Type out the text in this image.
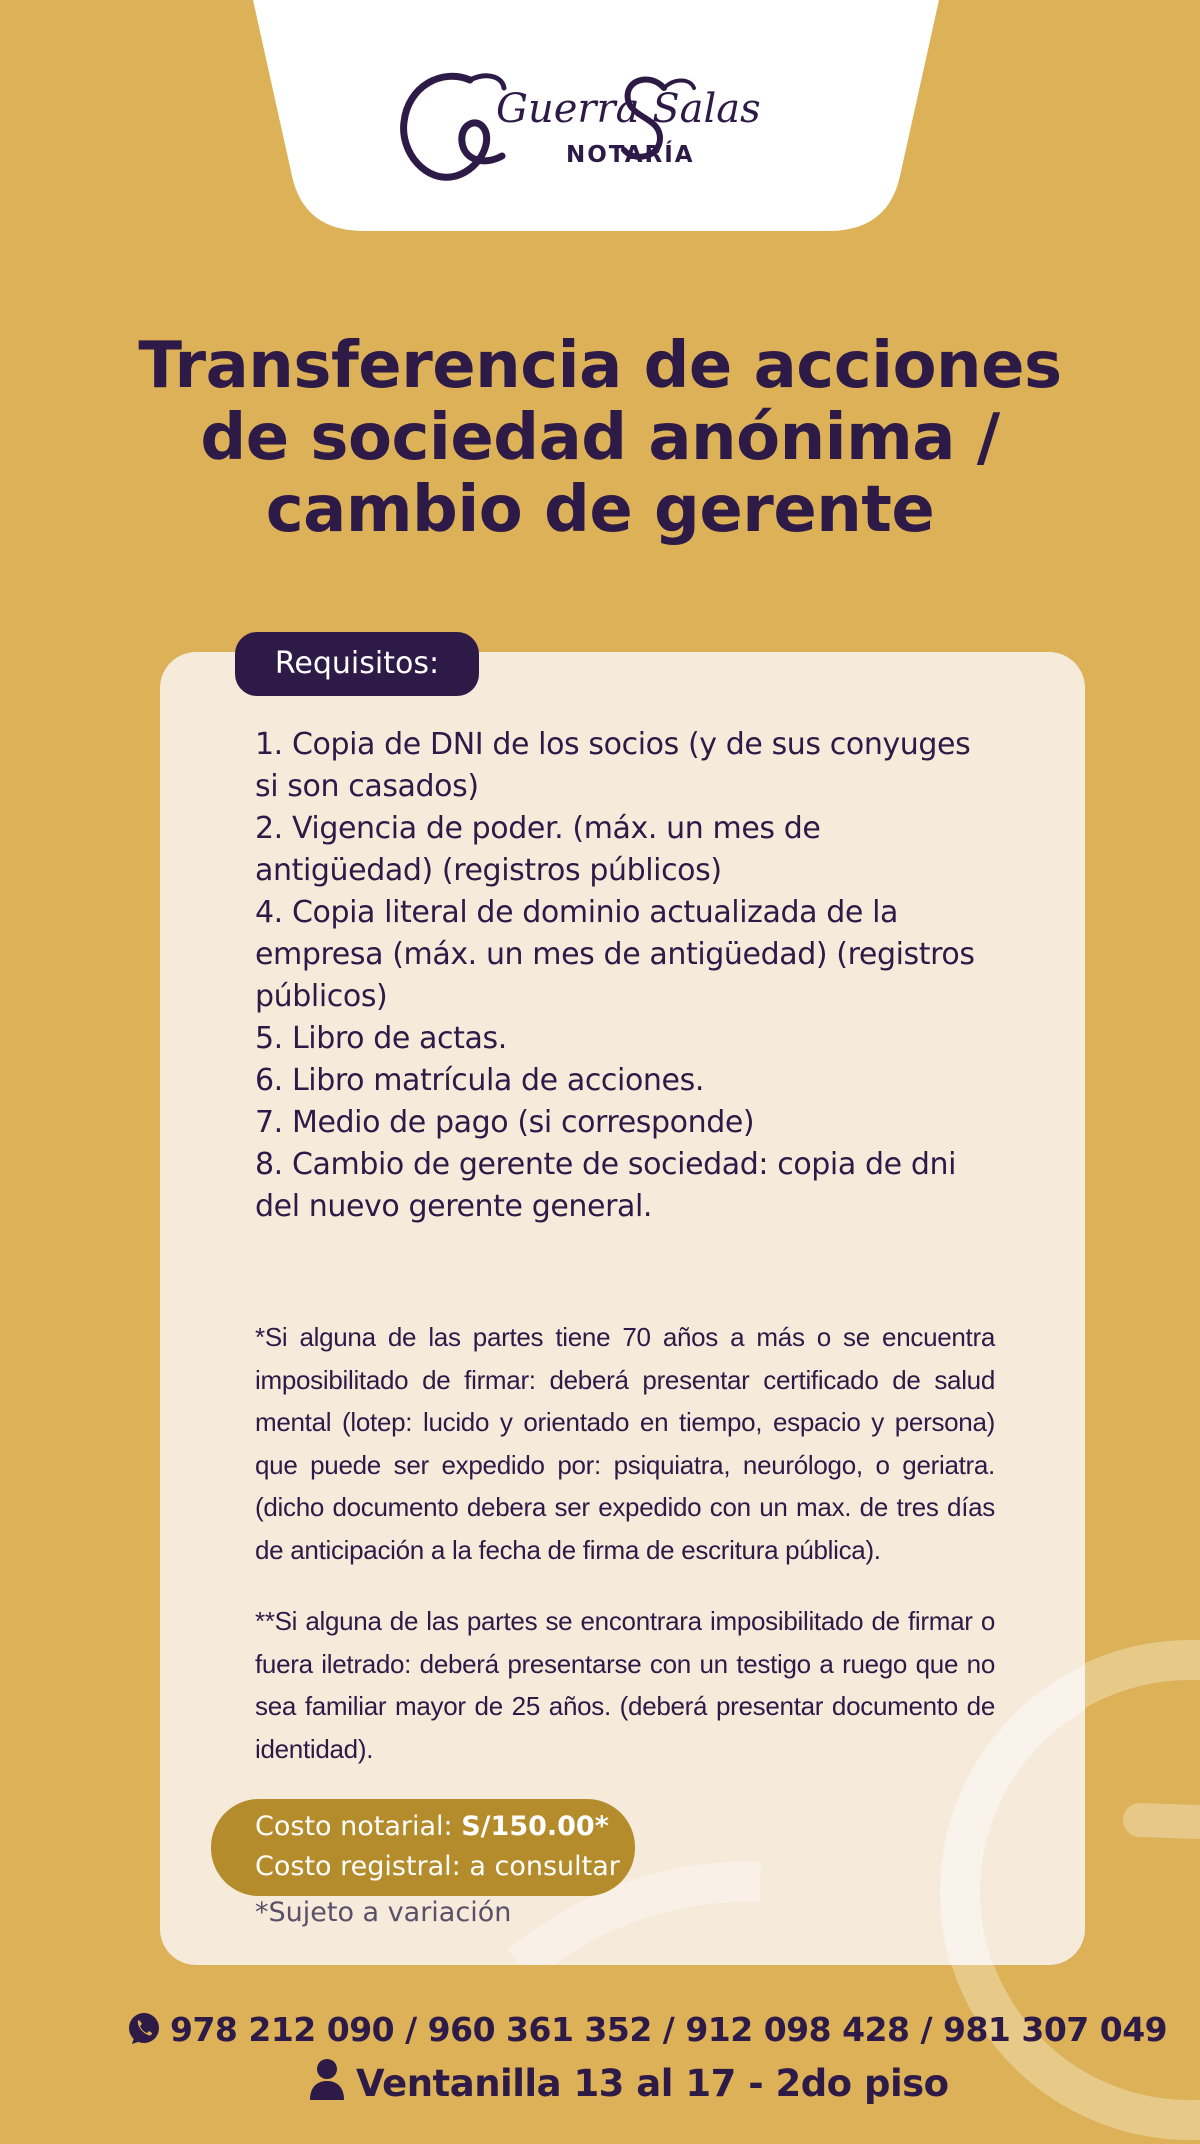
Guerra Salas
NOTARÍA
Transferencia de acciones
de sociedad anónima /
cambio de gerente
Requisitos:
1. Copia de DNI de los socios (y de sus conyuges si son casados)
2. Vigencia de poder. (máx. un mes de antigüedad) (registros públicos)
4. Copia literal de dominio actualizada de la empresa (máx. un mes de antigüedad) (registros públicos)
5. Libro de actas.
6. Libro matrícula de acciones.
7. Medio de pago (si corresponde)
8. Cambio de gerente de sociedad: copia de dni del nuevo gerente general.

*Si alguna de las partes tiene 70 años a más o se encuentra imposibilitado de firmar: deberá presentar certificado de salud mental (lotep: lucido y orientado en tiempo, espacio y persona) que puede ser expedido por: psiquiatra, neurólogo, o geriatra. (dicho documento debera ser expedido con un max. de tres días de anticipación a la fecha de firma de escritura pública).

**Si alguna de las partes se encontrara imposibilitado de firmar o fuera iletrado: deberá presentarse con un testigo a ruego que no sea familiar mayor de 25 años. (deberá presentar documento de identidad).

Costo notarial: S/150.00*
Costo registral: a consultar
*Sujeto a variación
978 212 090 / 960 361 352 / 912 098 428 / 981 307 049
Ventanilla 13 al 17 - 2do piso
